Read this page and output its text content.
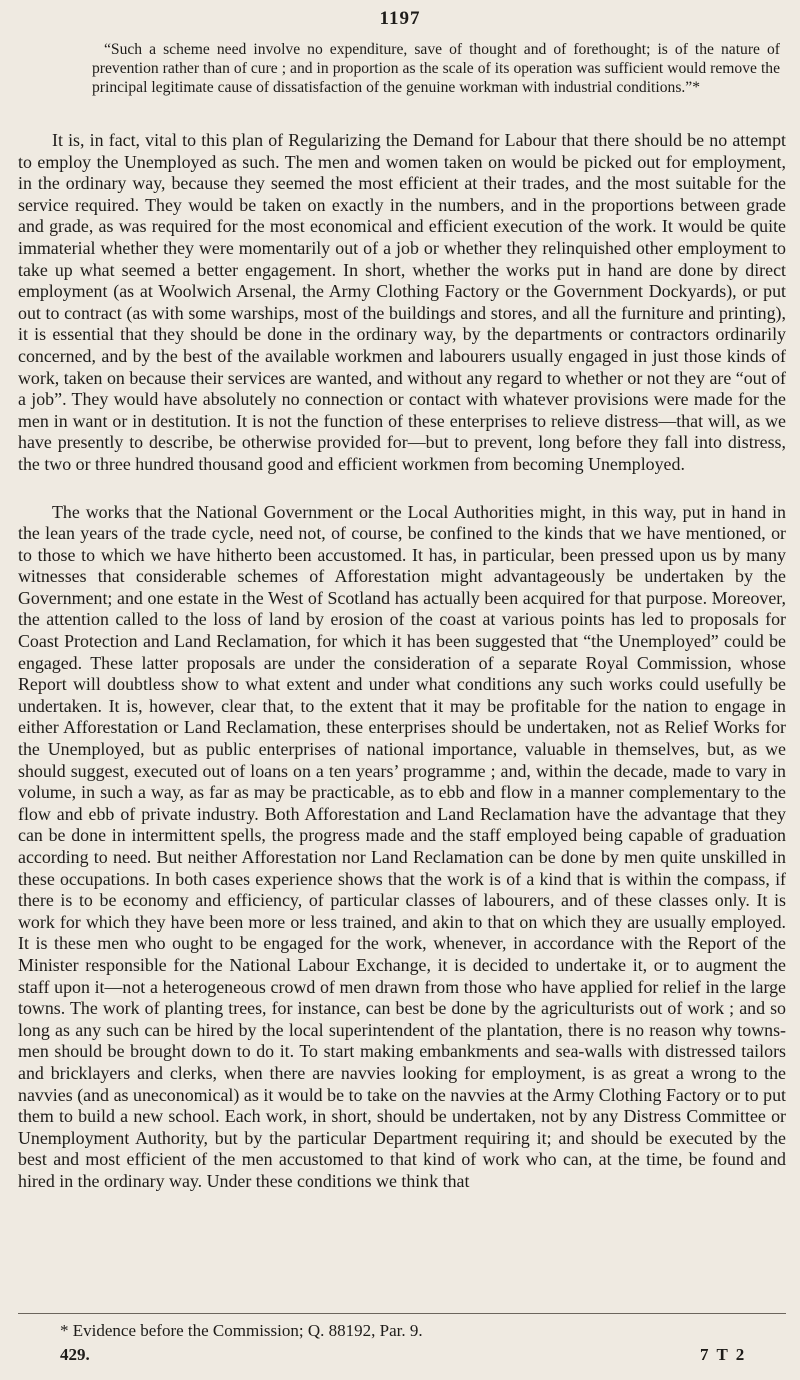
1197
“Such a scheme need involve no expenditure, save of thought and of forethought; is of the nature of prevention rather than of cure ; and in proportion as the scale of its operation was sufficient would remove the principal legitimate cause of dissatisfaction of the genuine workman with industrial conditions.”*

It is, in fact, vital to this plan of Regularizing the Demand for Labour that there should be no attempt to employ the Unemployed as such. The men and women taken on would be picked out for employment, in the ordinary way, because they seemed the most efficient at their trades, and the most suitable for the service required. They would be taken on exactly in the numbers, and in the proportions between grade and grade, as was required for the most economical and efficient execution of the work. It would be quite immaterial whether they were momentarily out of a job or whether they relinquished other employment to take up what seemed a better engagement. In short, whether the works put in hand are done by direct employment (as at Woolwich Arsenal, the Army Clothing Factory or the Government Dockyards), or put out to contract (as with some warships, most of the buildings and stores, and all the furniture and printing), it is essential that they should be done in the ordinary way, by the departments or contractors ordinarily concerned, and by the best of the available workmen and labourers usually engaged in just those kinds of work, taken on because their services are wanted, and without any regard to whether or not they are “out of a job”. They would have absolutely no connection or contact with whatever provisions were made for the men in want or in destitution. It is not the function of these enterprises to relieve distress—that will, as we have presently to describe, be otherwise provided for—but to prevent, long before they fall into distress, the two or three hundred thousand good and efficient workmen from becoming Unemployed.

The works that the National Government or the Local Authorities might, in this way, put in hand in the lean years of the trade cycle, need not, of course, be confined to the kinds that we have mentioned, or to those to which we have hitherto been accustomed. It has, in particular, been pressed upon us by many witnesses that considerable schemes of Afforestation might advantageously be undertaken by the Government; and one estate in the West of Scotland has actually been acquired for that purpose. Moreover, the attention called to the loss of land by erosion of the coast at various points has led to proposals for Coast Protection and Land Reclamation, for which it has been suggested that “the Unemployed” could be engaged. These latter proposals are under the consideration of a separate Royal Commission, whose Report will doubtless show to what extent and under what conditions any such works could usefully be undertaken. It is, however, clear that, to the extent that it may be profitable for the nation to engage in either Afforestation or Land Reclamation, these enterprises should be undertaken, not as Relief Works for the Unemployed, but as public enterprises of national importance, valuable in themselves, but, as we should suggest, executed out of loans on a ten years’ programme ; and, within the decade, made to vary in volume, in such a way, as far as may be practicable, as to ebb and flow in a manner complementary to the flow and ebb of private industry. Both Afforestation and Land Reclamation have the advantage that they can be done in intermittent spells, the progress made and the staff employed being capable of graduation according to need. But neither Afforestation nor Land Reclamation can be done by men quite unskilled in these occupations. In both cases experience shows that the work is of a kind that is within the compass, if there is to be economy and efficiency, of particular classes of labourers, and of these classes only. It is work for which they have been more or less trained, and akin to that on which they are usually employed. It is these men who ought to be engaged for the work, whenever, in accordance with the Report of the Minister responsible for the National Labour Exchange, it is decided to undertake it, or to augment the staff upon it—not a heterogeneous crowd of men drawn from those who have applied for relief in the large towns. The work of planting trees, for instance, can best be done by the agriculturists out of work ; and so long as any such can be hired by the local superintendent of the plantation, there is no reason why towns-men should be brought down to do it. To start making embankments and sea-walls with distressed tailors and bricklayers and clerks, when there are navvies looking for employment, is as great a wrong to the navvies (and as uneconomical) as it would be to take on the navvies at the Army Clothing Factory or to put them to build a new school. Each work, in short, should be undertaken, not by any Distress Committee or Unemployment Authority, but by the particular Department requiring it; and should be executed by the best and most efficient of the men accustomed to that kind of work who can, at the time, be found and hired in the ordinary way. Under these conditions we think that

* Evidence before the Commission; Q. 88192, Par. 9.
429.	7 T 2
